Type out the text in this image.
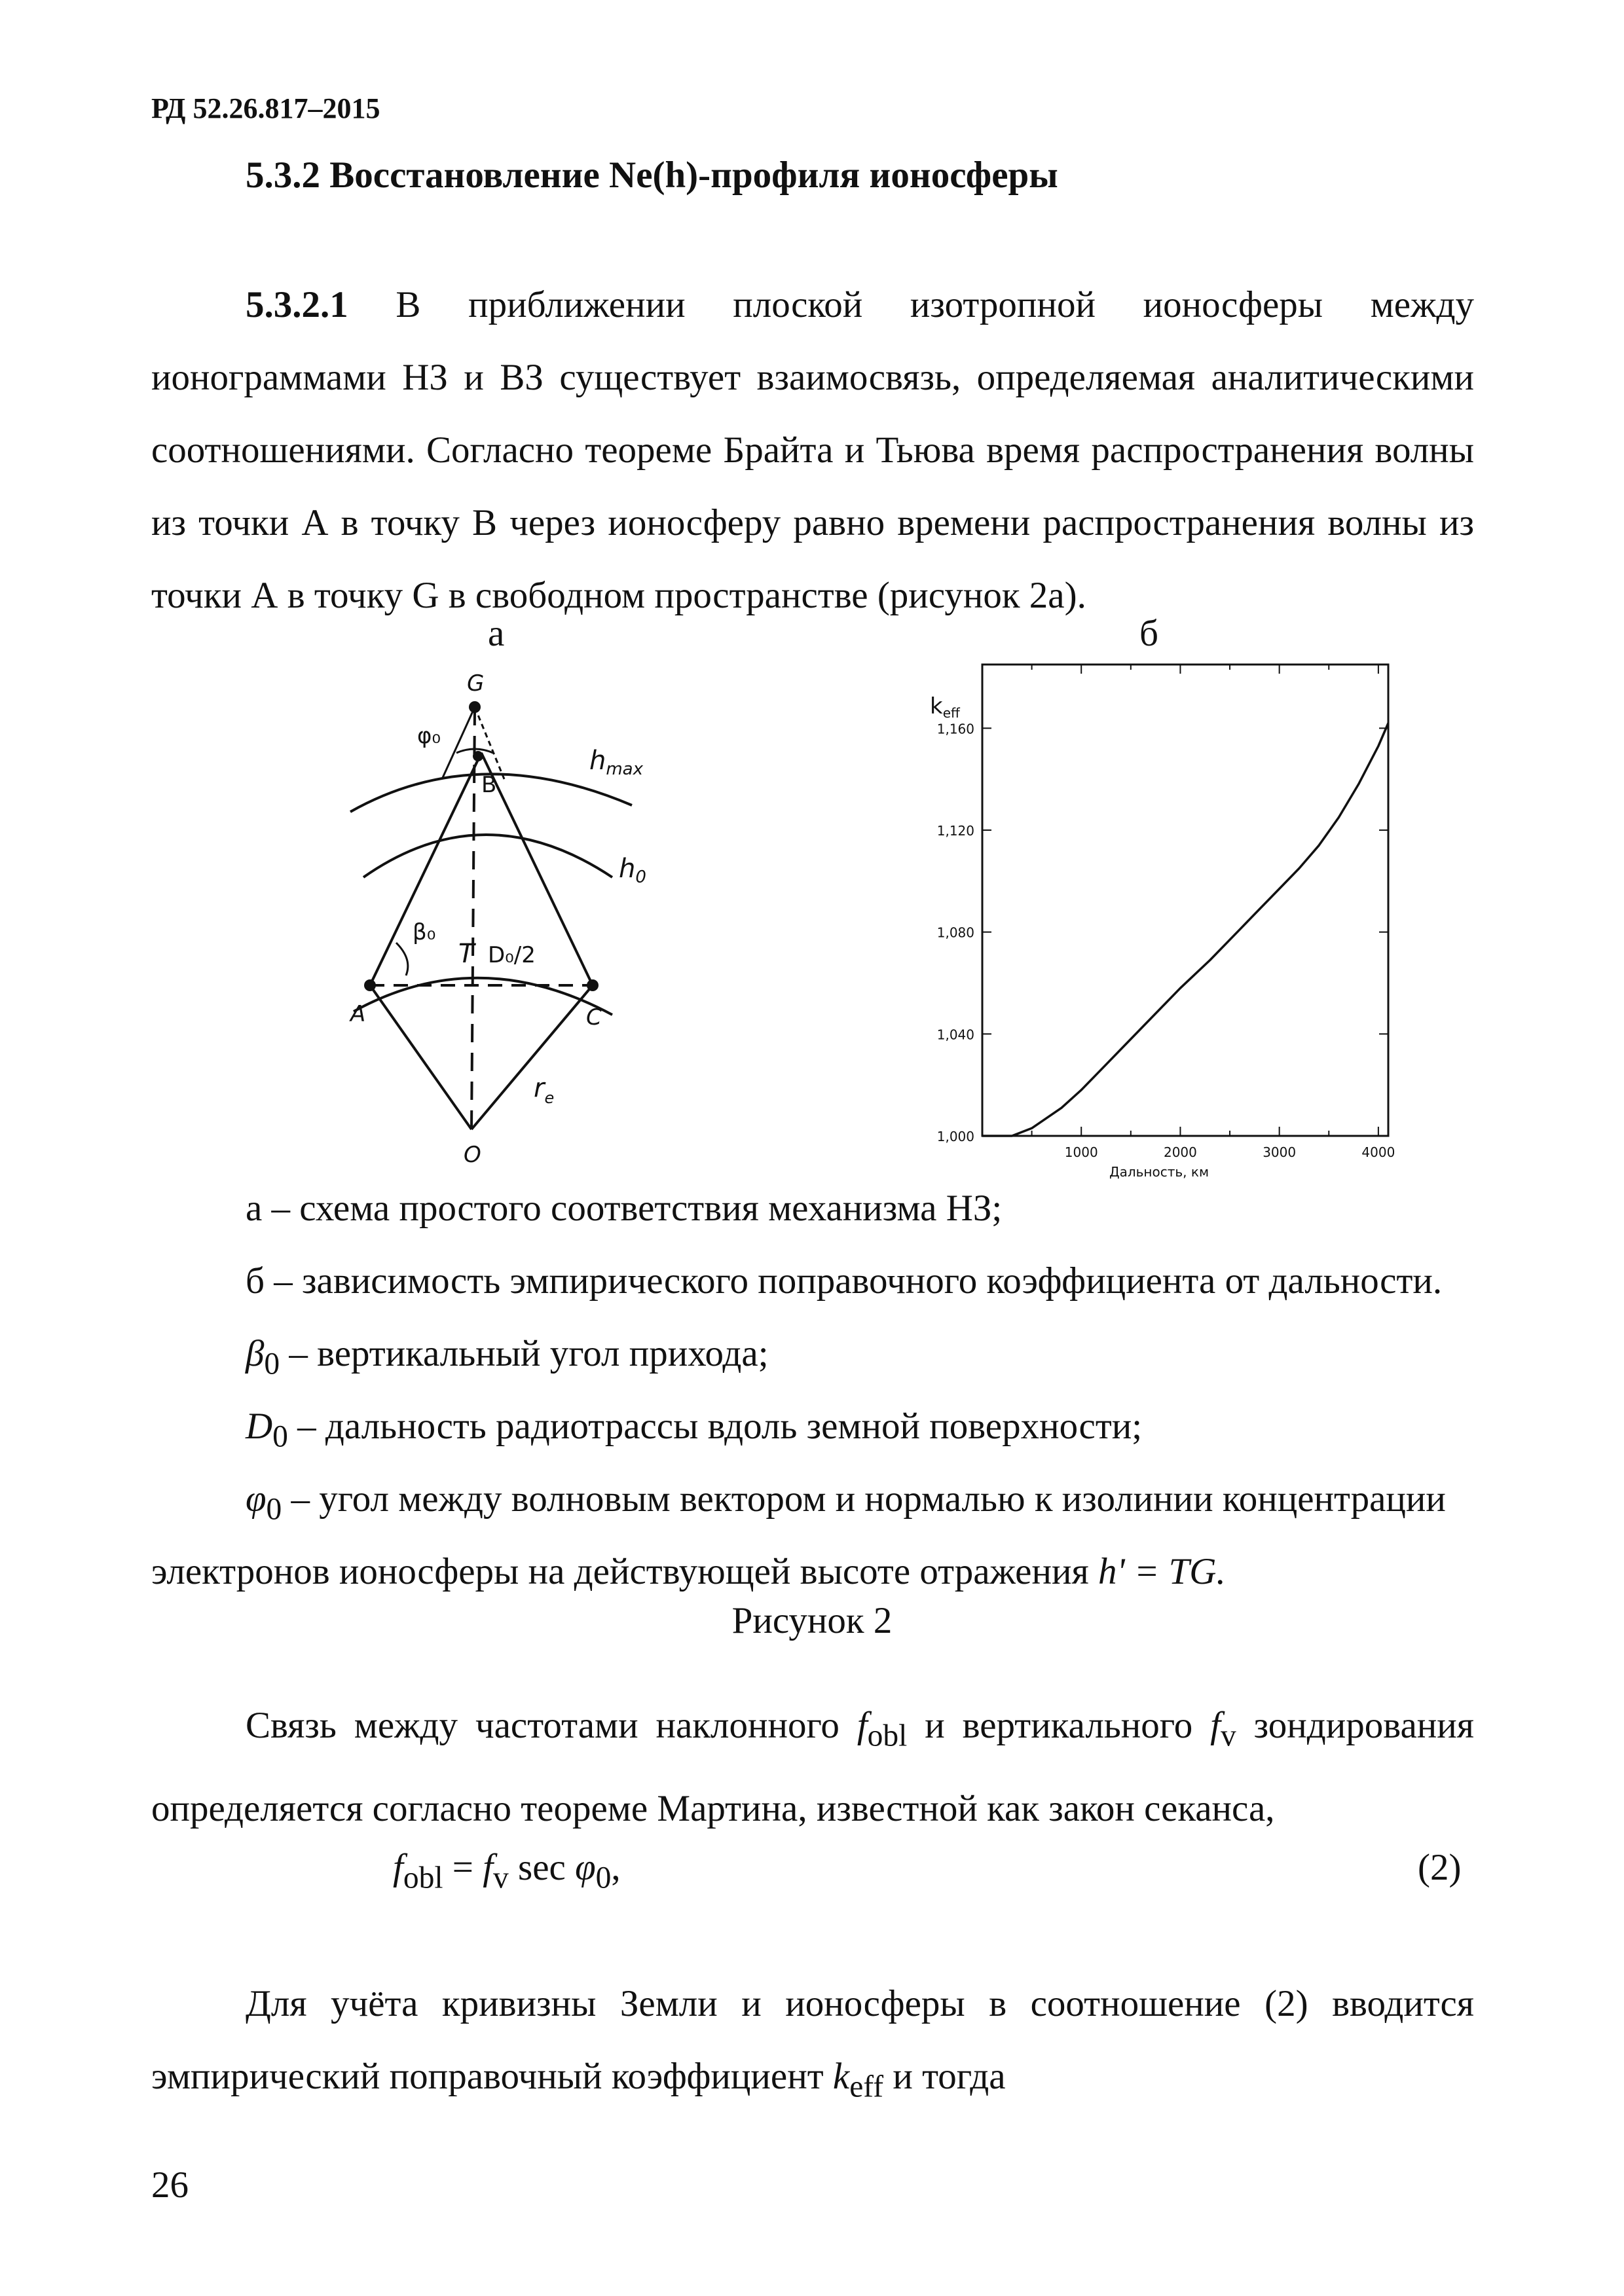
РД 52.26.817–2015
5.3.2 Восстановление Ne(h)-профиля ионосферы

5.3.2.1 В приближении плоской изотропной ионосферы между ионограммами НЗ и ВЗ существует взаимосвязь, определяемая аналитическими соотношениями. Согласно теореме Брайта и Тьюва время распространения волны из точки А в точку В через ионосферу равно времени распространения волны из точки А в точку G в свободном пространстве (рисунок 2а).

а	б
G
φ₀
B
$h_{max}$
$h_0$
β₀
T D₀/2
A	C
$r_e$
O
1,000
1,040
1,080
1,120
1,160
1000	2000	3000	4000
keff
Дальность, км
а – схема простого соответствия механизма НЗ;
б – зависимость эмпирического поправочного коэффициента от дальности.
$\beta_0$ – вертикальный угол прихода;
$D_0$ – дальность радиотрассы вдоль земной поверхности;
$\varphi_0$ – угол между волновым вектором и нормалью к изолинии концентрации
электронов ионосферы на действующей высоте отражения h' = TG.
Рисунок 2

Связь между частотами наклонного $f_{obl}$ и вертикального $f_v$ зондирования определяется согласно теореме Мартина, известной как закон секанса,

$f_{obl} = f_v$ $\sec \varphi_0$,	(2)

Для учёта кривизны Земли и ионосферы в соотношение (2) вводится эмпирический поправочный коэффициент $k_{eff}$ и тогда

26
